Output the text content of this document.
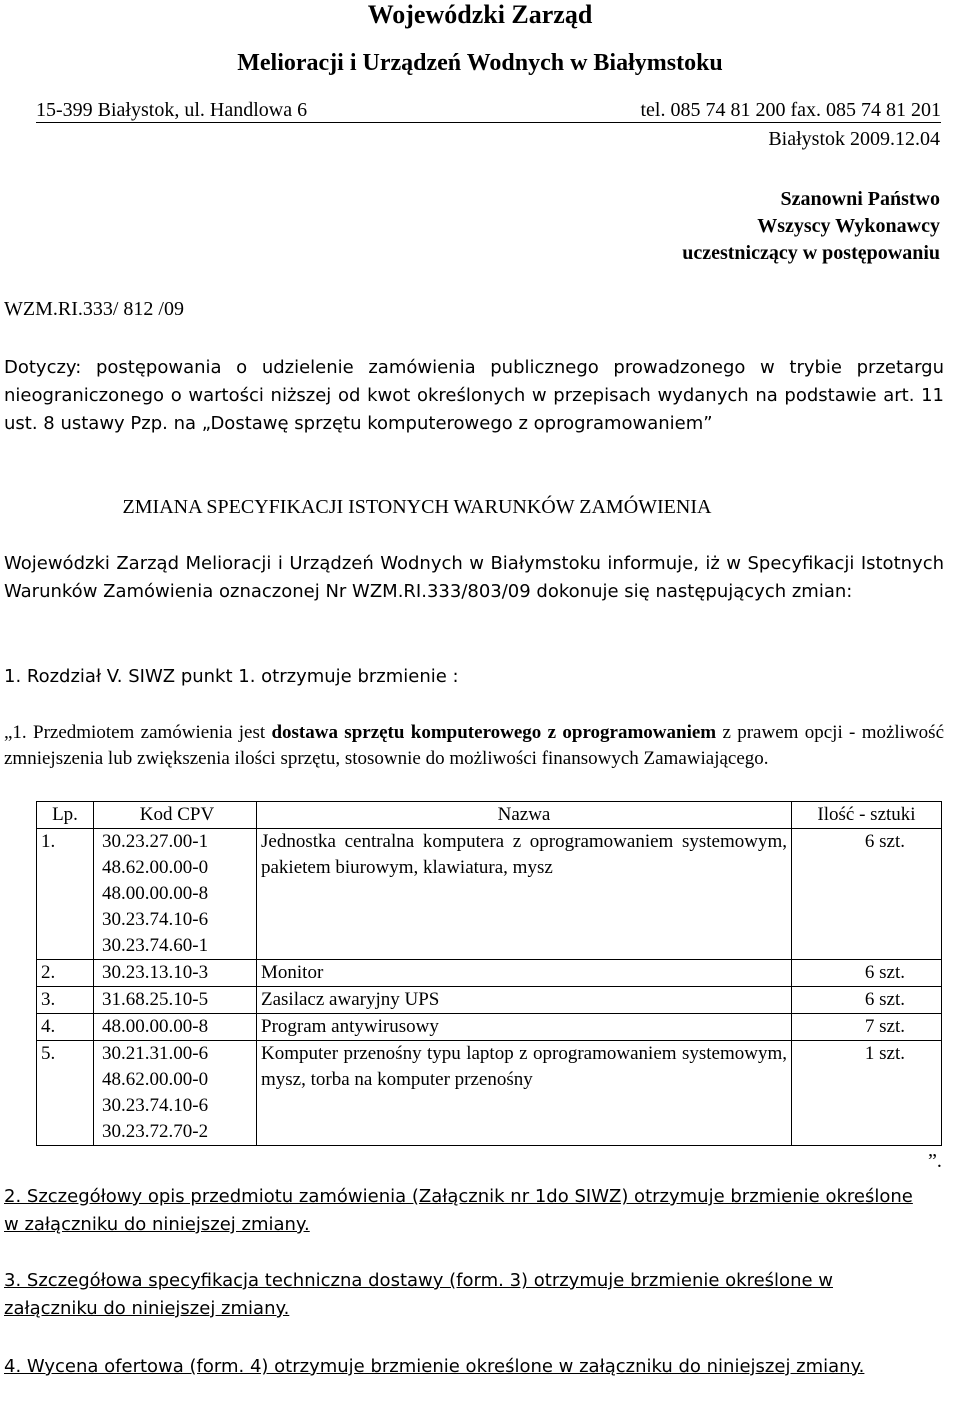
Wojewódzki Zarząd
Melioracji i Urządzeń Wodnych w Białymstoku
15-399 Białystok, ul. Handlowa 6	tel. 085 74 81 200 fax. 085 74 81 201
Białystok 2009.12.04
Szanowni Państwo
Wszyscy Wykonawcy
uczestniczący w postępowaniu
WZM.RI.333/ 812 /09
Dotyczy: postępowania o udzielenie zamówienia publicznego prowadzonego w trybie przetargu nieograniczonego o wartości niższej od kwot określonych w przepisach wydanych na podstawie art. 11 ust. 8 ustawy Pzp. na „Dostawę sprzętu komputerowego z oprogramowaniem”
ZMIANA SPECYFIKACJI ISTONYCH WARUNKÓW ZAMÓWIENIA
Wojewódzki Zarząd Melioracji i Urządzeń Wodnych w Białymstoku informuje, iż w Specyfikacji Istotnych Warunków Zamówienia oznaczonej Nr WZM.RI.333/803/09 dokonuje się następujących zmian:
1. Rozdział V. SIWZ punkt 1. otrzymuje brzmienie :
„1. Przedmiotem zamówienia jest dostawa sprzętu komputerowego z oprogramowaniem z prawem opcji - możliwość zmniejszenia lub zwiększenia ilości sprzętu, stosownie do możliwości finansowych Zamawiającego.
Lp.	Kod CPV	Nazwa	Ilość - sztuki
1.	30.23.27.00-1
48.62.00.00-0
48.00.00.00-8
30.23.74.10-6
30.23.74.60-1	Jednostka centralna komputera z oprogramowaniem systemowym, pakietem biurowym, klawiatura, mysz	6 szt.
2.	30.23.13.10-3	Monitor	6 szt.
3.	31.68.25.10-5	Zasilacz awaryjny UPS	6 szt.
4.	48.00.00.00-8	Program antywirusowy	7 szt.
5.	30.21.31.00-6
48.62.00.00-0
30.23.74.10-6
30.23.72.70-2	Komputer przenośny typu laptop z oprogramowaniem systemowym, mysz, torba na komputer przenośny	1 szt.
”.
2. Szczegółowy opis przedmiotu zamówienia (Załącznik nr 1do SIWZ) otrzymuje brzmienie określone w załączniku do niniejszej zmiany.
3. Szczegółowa specyfikacja techniczna dostawy (form. 3) otrzymuje brzmienie określone w załączniku do niniejszej zmiany.
4. Wycena ofertowa (form. 4) otrzymuje brzmienie określone w załączniku do niniejszej zmiany.
